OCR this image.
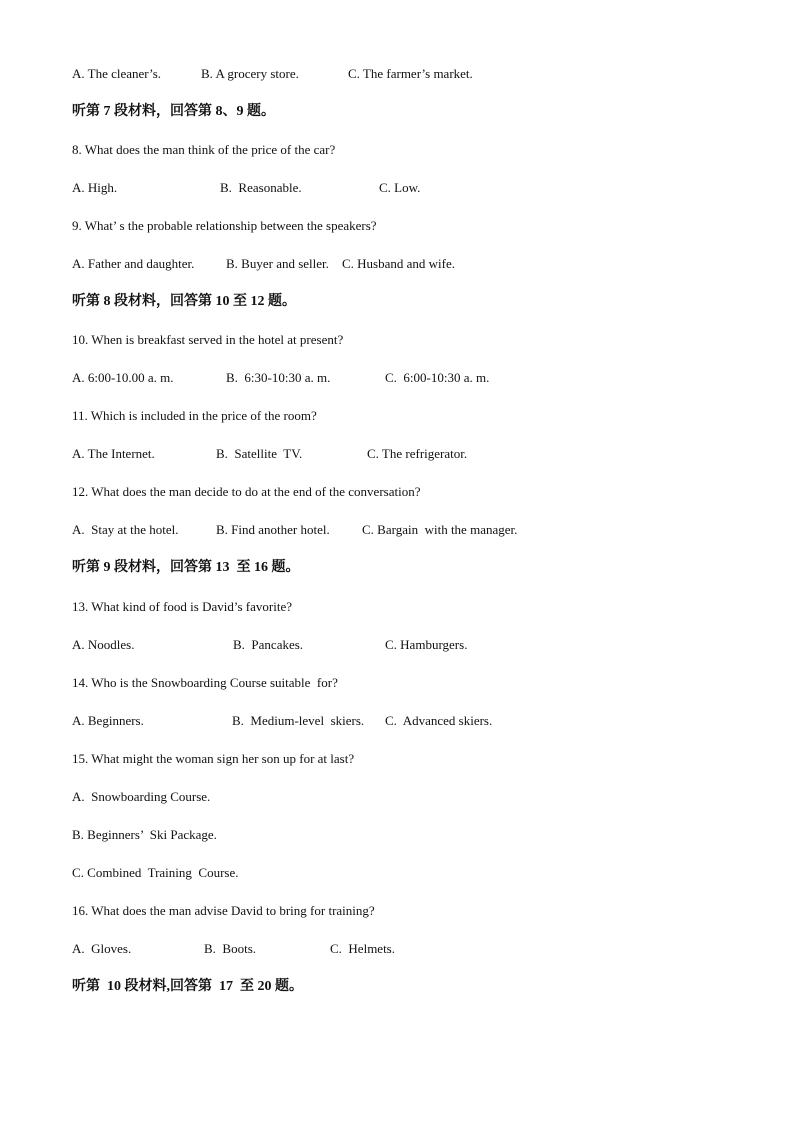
A. The cleaner’s.	B. A grocery store.	C. The farmer’s market.
听第 7 段材料，回答第 8、9 题。
8. What does the man think of the price of the car?
A. High.	B.  Reasonable.	C. Low.
9. What’ s the probable relationship between the speakers?
A. Father and daughter. B. Buyer and seller. C. Husband and wife.
听第 8 段材料，回答第 10 至 12 题。
10. When is breakfast served in the hotel at present?
A. 6:00-10.00 a. m.	B.  6:30-10:30 a. m.	C.  6:00-10:30 a. m.
11. Which is included in the price of the room?
A. The Internet.	B.  Satellite  TV.	C. The refrigerator.
12. What does the man decide to do at the end of the conversation?
A.  Stay at the hotel.	B. Find another hotel. C. Bargain  with the manager.
听第 9 段材料，回答第 13  至 16 题。
13. What kind of food is David’s favorite?
A. Noodles.	B.  Pancakes.	C. Hamburgers.
14. Who is the Snowboarding Course suitable  for?
A. Beginners.	B.  Medium-level  skiers. C.  Advanced skiers.
15. What might the woman sign her son up for at last?
A.  Snowboarding Course.
B. Beginners’  Ski Package.
C. Combined  Training  Course.
16. What does the man advise David to bring for training?
A.  Gloves.	B.  Boots.	C.  Helmets.
听第  10 段材料,回答第  17  至 20 题。
